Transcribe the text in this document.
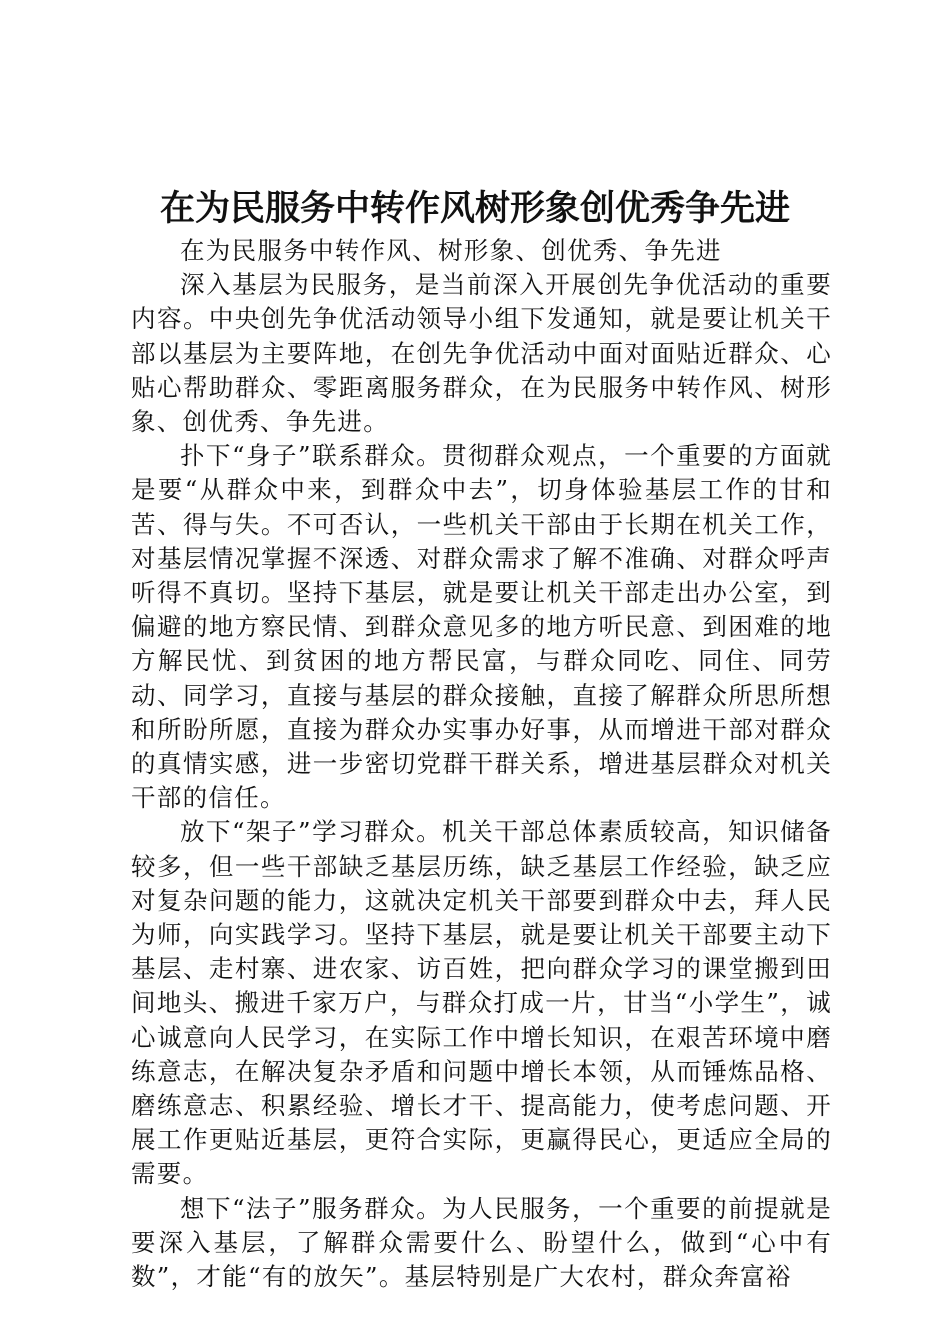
在为民服务中转作风树形象创优秀争先进

在为民服务中转作风、树形象、创优秀、争先进

深入基层为民服务，是当前深入开展创先争优活动的重要内容。中央创先争优活动领导小组下发通知，就是要让机关干部以基层为主要阵地，在创先争优活动中面对面贴近群众、心贴心帮助群众、零距离服务群众，在为民服务中转作风、树形象、创优秀、争先进。

扑下“身子”联系群众。贯彻群众观点，一个重要的方面就是要“从群众中来，到群众中去”，切身体验基层工作的甘和苦、得与失。不可否认，一些机关干部由于长期在机关工作，对基层情况掌握不深透、对群众需求了解不准确、对群众呼声听得不真切。坚持下基层，就是要让机关干部走出办公室，到偏避的地方察民情、到群众意见多的地方听民意、到困难的地方解民忧、到贫困的地方帮民富，与群众同吃、同住、同劳动、同学习，直接与基层的群众接触，直接了解群众所思所想和所盼所愿，直接为群众办实事办好事，从而增进干部对群众的真情实感，进一步密切党群干群关系，增进基层群众对机关干部的信任。

放下“架子”学习群众。机关干部总体素质较高，知识储备较多，但一些干部缺乏基层历练，缺乏基层工作经验，缺乏应对复杂问题的能力，这就决定机关干部要到群众中去，拜人民为师，向实践学习。坚持下基层，就是要让机关干部要主动下基层、走村寨、进农家、访百姓，把向群众学习的课堂搬到田间地头、搬进千家万户，与群众打成一片，甘当“小学生”，诚心诚意向人民学习，在实际工作中增长知识，在艰苦环境中磨练意志，在解决复杂矛盾和问题中增长本领，从而锤炼品格、磨练意志、积累经验、增长才干、提高能力，使考虑问题、开展工作更贴近基层，更符合实际，更赢得民心，更适应全局的需要。

想下“法子”服务群众。为人民服务，一个重要的前提就是要深入基层，了解群众需要什么、盼望什么，做到“心中有数”，才能“有的放矢”。基层特别是广大农村，群众奔富裕
